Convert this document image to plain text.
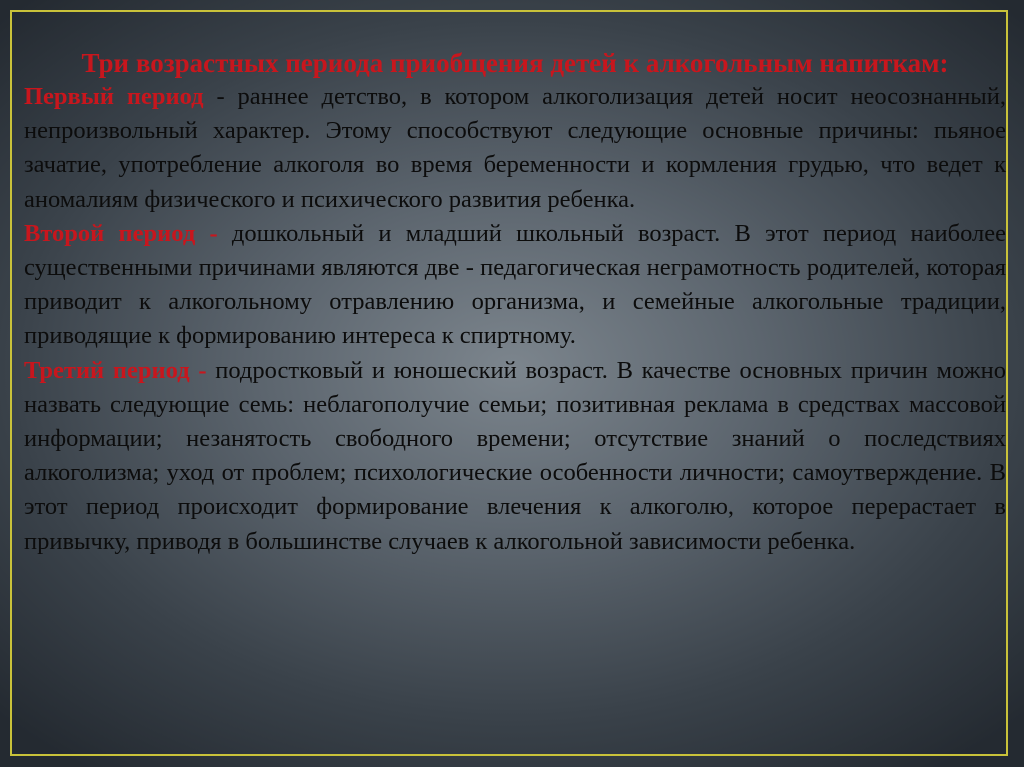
Три возрастных периода приобщения детей к алкогольным напиткам:

Первый период - раннее детство, в котором алкоголизация детей носит неосознанный, непроизвольный характер. Этому способствуют следующие основные причины: пьяное зачатие, употребление алкоголя во время беременности и кормления грудью, что ведет к аномалиям физического и психического развития ребенка.

Второй период - дошкольный и младший школьный возраст. В этот период наиболее существенными причинами являются две - педагогическая неграмотность родителей, которая приводит к алкогольному отравлению организма, и семейные алкогольные традиции, приводящие к формированию интереса к спиртному.

Третий период - подростковый и юношеский возраст. В качестве основных причин можно назвать следующие семь: неблагополучие семьи; позитивная реклама в средствах массовой информации; незанятость свободного времени; отсутствие знаний о последствиях алкоголизма; уход от проблем; психологические особенности личности; самоутверждение. В этот период происходит формирование влечения к алкоголю, которое перерастает в привычку, приводя в большинстве случаев к алкогольной зависимости ребенка.
